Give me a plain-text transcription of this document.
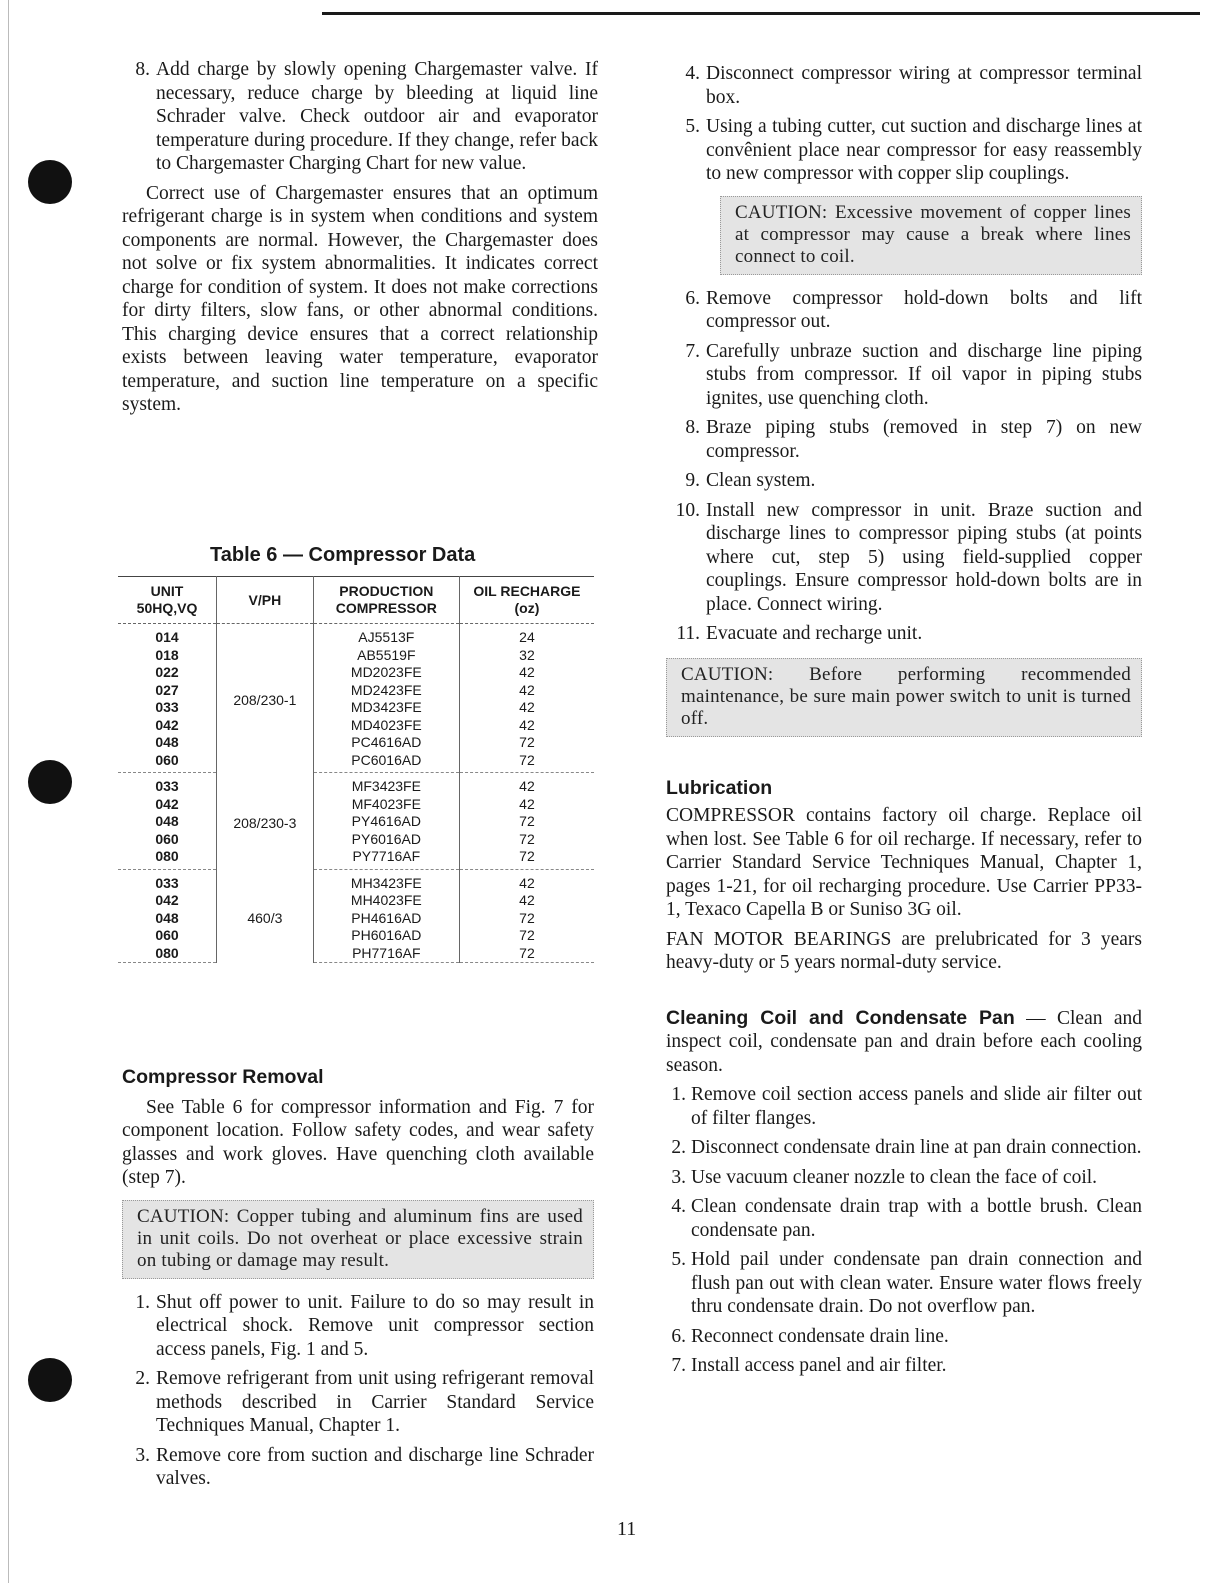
8. Add charge by slowly opening Chargemaster valve. If necessary, reduce charge by bleeding at liquid line Schrader valve. Check outdoor air and evaporator temperature during procedure. If they change, refer back to Chargemaster Charging Chart for new value.

Correct use of Chargemaster ensures that an optimum refrigerant charge is in system when conditions and system components are normal. However, the Chargemaster does not solve or fix system abnormalities. It indicates correct charge for condition of system. It does not make corrections for dirty filters, slow fans, or other abnormal conditions. This charging device ensures that a correct relationship exists between leaving water temperature, evaporator temperature, and suction line temperature on a specific system.

Table 6 — Compressor Data
UNIT 50HQ,VQ	V/PH	PRODUCTION COMPRESSOR	OIL RECHARGE
(oz)
014	208/230-1	AJ5513F	24
018		AB5519F	32
022		MD2023FE	42
027		MD2423FE	42
033		MD3423FE	42
042		MD4023FE	42
048		PC4616AD	72
060		PC6016AD	72
033	208/230-3	MF3423FE	42
042		MF4023FE	42
048		PY4616AD	72
060		PY6016AD	72
080		PY7716AF	72
033	460/3	MH3423FE	42
042		MH4023FE	42
048		PH4616AD	72
060		PH6016AD	72
080		PH7716AF	72
Compressor Removal

See Table 6 for compressor information and Fig. 7 for component location. Follow safety codes, and wear safety glasses and work gloves. Have quenching cloth available (step 7).

CAUTION: Copper tubing and aluminum fins are used in unit coils. Do not overheat or place excessive strain on tubing or damage may result.
1. Shut off power to unit. Failure to do so may result in electrical shock. Remove unit compressor section access panels, Fig. 1 and 5.
2. Remove refrigerant from unit using refrigerant removal methods described in Carrier Standard Service Techniques Manual, Chapter 1.
3. Remove core from suction and discharge line Schrader valves.
4. Disconnect compressor wiring at compressor terminal box.
5. Using a tubing cutter, cut suction and discharge lines at convênient place near compressor for easy reassembly to new compressor with copper slip couplings.
CAUTION: Excessive movement of copper lines at compressor may cause a break where lines connect to coil.
6. Remove compressor hold-down bolts and lift compressor out.
7. Carefully unbraze suction and discharge line piping stubs from compressor. If oil vapor in piping stubs ignites, use quenching cloth.
8. Braze piping stubs (removed in step 7) on new compressor.
9. Clean system.
10. Install new compressor in unit. Braze suction and discharge lines to compressor piping stubs (at points where cut, step 5) using field-supplied copper couplings. Ensure compressor hold-down bolts are in place. Connect wiring.
11. Evacuate and recharge unit.
CAUTION: Before performing recommended maintenance, be sure main power switch to unit is turned off.
Lubrication

COMPRESSOR contains factory oil charge. Replace oil when lost. See Table 6 for oil recharge. If necessary, refer to Carrier Standard Service Techniques Manual, Chapter 1, pages 1-21, for oil recharging procedure. Use Carrier PP33-1, Texaco Capella B or Suniso 3G oil.

FAN MOTOR BEARINGS are prelubricated for 3 years heavy-duty or 5 years normal-duty service.

Cleaning Coil and Condensate Pan — Clean and inspect coil, condensate pan and drain before each cooling season.

1. Remove coil section access panels and slide air filter out of filter flanges.
2. Disconnect condensate drain line at pan drain connection.
3. Use vacuum cleaner nozzle to clean the face of coil.
4. Clean condensate drain trap with a bottle brush. Clean condensate pan.
5. Hold pail under condensate pan drain connection and flush pan out with clean water. Ensure water flows freely thru condensate drain. Do not overflow pan.
6. Reconnect condensate drain line.
7. Install access panel and air filter.
11
